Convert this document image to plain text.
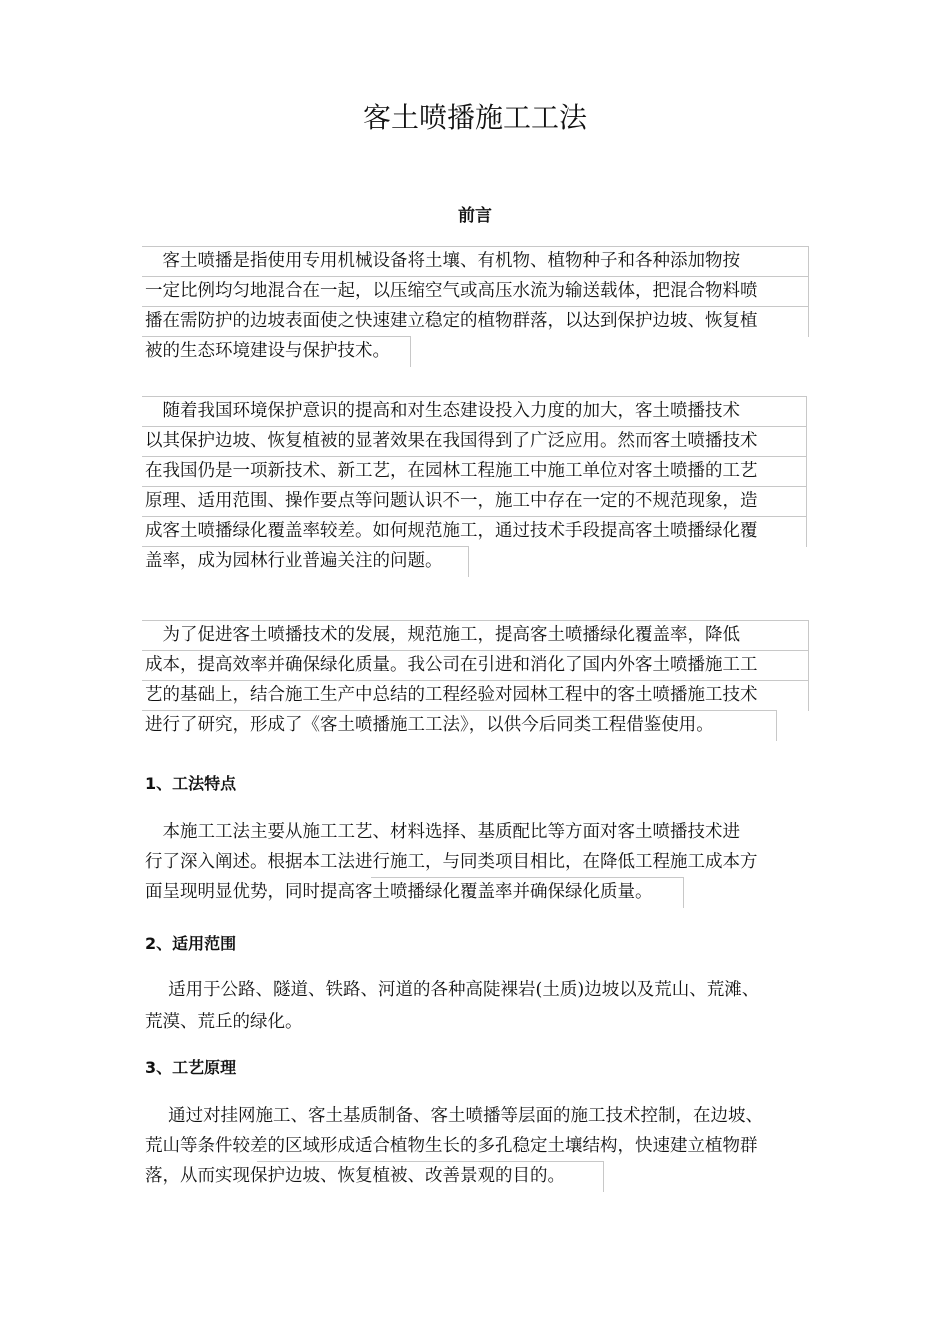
客土喷播施工工法
前言
　客土喷播是指使用专用机械设备将土壤、有机物、植物种子和各种添加物按
一定比例均匀地混合在一起，以压缩空气或高压水流为输送载体，把混合物料喷
播在需防护的边坡表面使之快速建立稳定的植物群落，以达到保护边坡、恢复植
被的生态环境建设与保护技术。
　随着我国环境保护意识的提高和对生态建设投入力度的加大，客土喷播技术
以其保护边坡、恢复植被的显著效果在我国得到了广泛应用。然而客土喷播技术
在我国仍是一项新技术、新工艺，在园林工程施工中施工单位对客土喷播的工艺
原理、适用范围、操作要点等问题认识不一，施工中存在一定的不规范现象，造
成客土喷播绿化覆盖率较差。如何规范施工，通过技术手段提高客土喷播绿化覆
盖率，成为园林行业普遍关注的问题。
　为了促进客土喷播技术的发展，规范施工，提高客土喷播绿化覆盖率，降低
成本，提高效率并确保绿化质量。我公司在引进和消化了国内外客土喷播施工工
艺的基础上，结合施工生产中总结的工程经验对园林工程中的客土喷播施工技术
进行了研究，形成了《客土喷播施工工法》，以供今后同类工程借鉴使用。
1、工法特点
　本施工工法主要从施工工艺、材料选择、基质配比等方面对客土喷播技术进
行了深入阐述。根据本工法进行施工，与同类项目相比，在降低工程施工成本方
面呈现明显优势，同时提高客土喷播绿化覆盖率并确保绿化质量。
2、适用范围
　 适用于公路、隧道、铁路、河道的各种高陡裸岩(土质)边坡以及荒山、荒滩、
荒漠、荒丘的绿化。
3、工艺原理
　 通过对挂网施工、客土基质制备、客土喷播等层面的施工技术控制，在边坡、
荒山等条件较差的区域形成适合植物生长的多孔稳定土壤结构，快速建立植物群
落，从而实现保护边坡、恢复植被、改善景观的目的。
